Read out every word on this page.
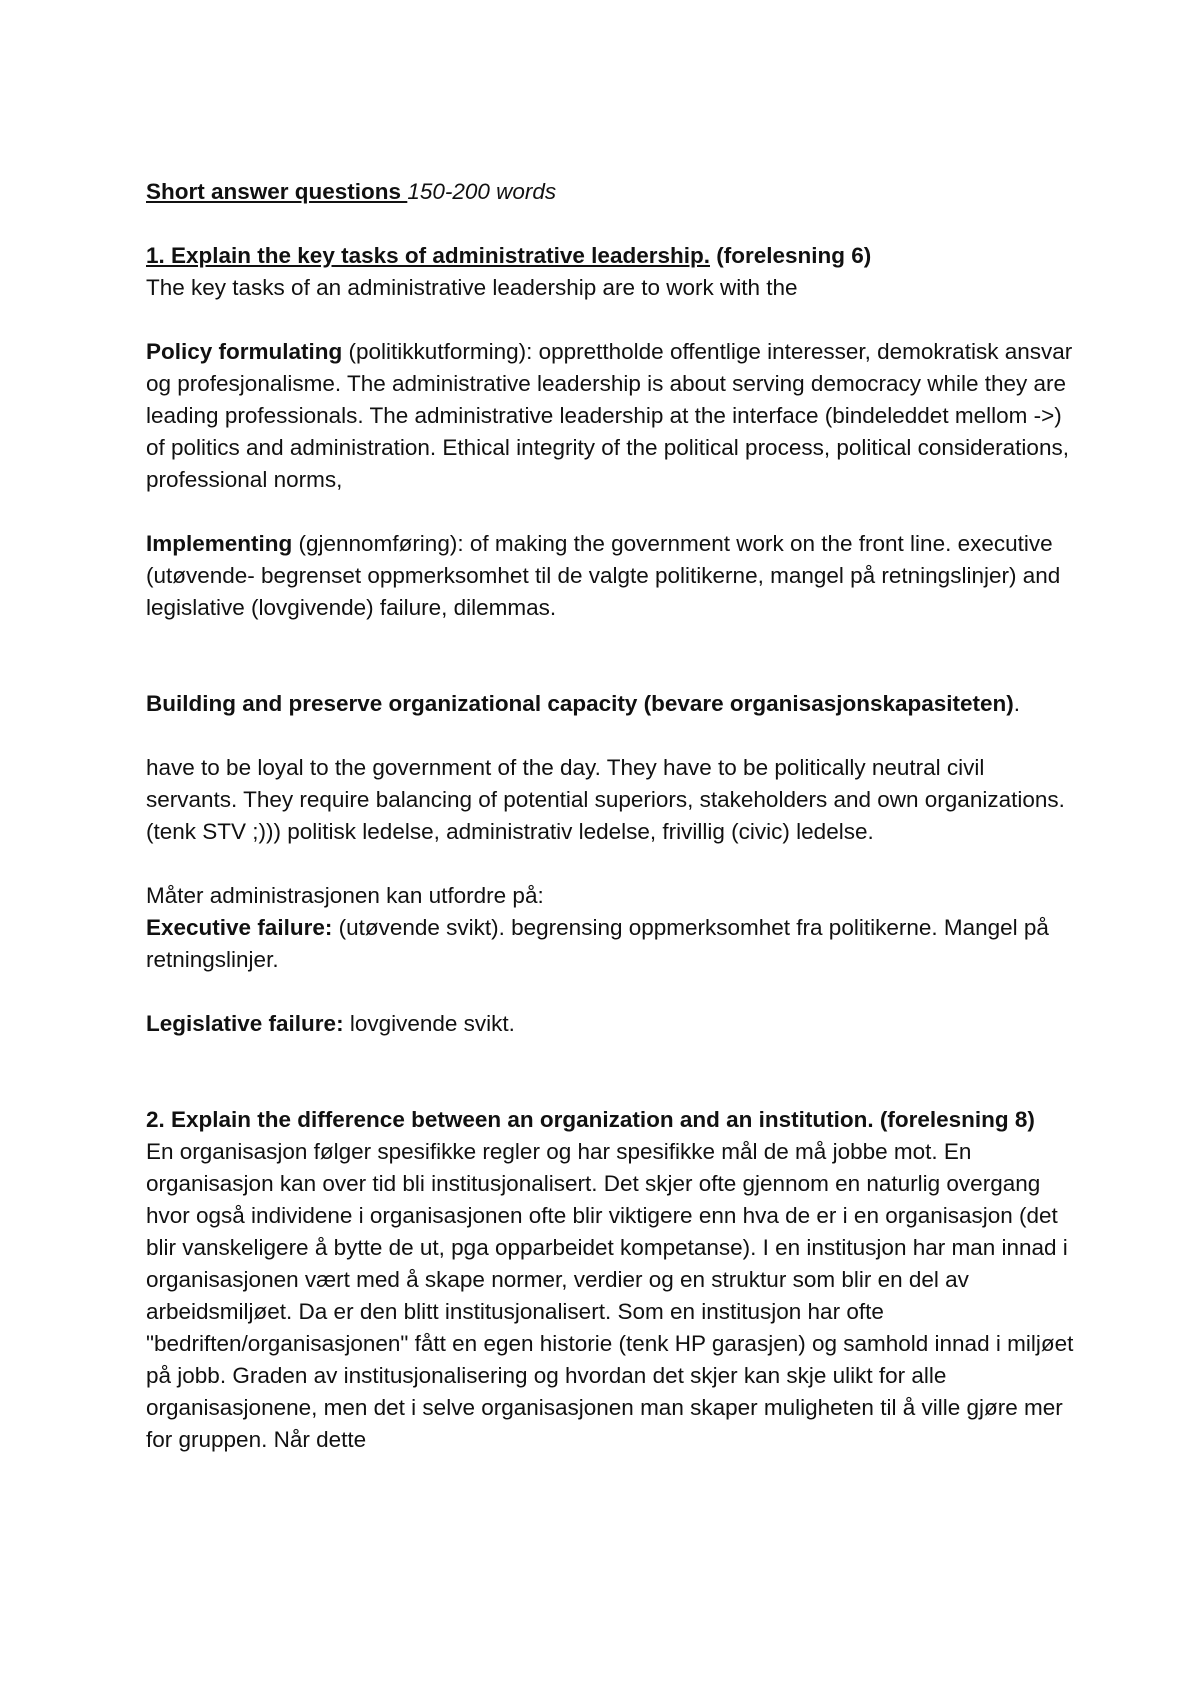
Short answer questions 150-200 words

1. Explain the key tasks of administrative leadership. (forelesning 6)

The key tasks of an administrative leadership are to work with the

Policy formulating (politikkutforming): opprettholde offentlige interesser, demokratisk ansvar og profesjonalisme. The administrative leadership is about serving democracy while they are leading professionals. The administrative leadership at the interface (bindeleddet mellom ->) of politics and administration. Ethical integrity of the political process, political considerations, professional norms,

Implementing (gjennomføring): of making the government work on the front line. executive (utøvende- begrenset oppmerksomhet til de valgte politikerne, mangel på retningslinjer) and legislative (lovgivende) failure, dilemmas.

Building and preserve organizational capacity (bevare organisasjonskapasiteten).

have to be loyal to the government of the day. They have to be politically neutral civil servants. They require balancing of potential superiors, stakeholders and own organizations. (tenk STV ;))) politisk ledelse, administrativ ledelse, frivillig (civic) ledelse.

Måter administrasjonen kan utfordre på:

Executive failure: (utøvende svikt). begrensing oppmerksomhet fra politikerne. Mangel på retningslinjer.

Legislative failure: lovgivende svikt.

2. Explain the difference between an organization and an institution. (forelesning 8)

En organisasjon følger spesifikke regler og har spesifikke mål de må jobbe mot. En organisasjon kan over tid bli institusjonalisert. Det skjer ofte gjennom en naturlig overgang hvor også individene i organisasjonen ofte blir viktigere enn hva de er i en organisasjon (det blir vanskeligere å bytte de ut, pga opparbeidet kompetanse). I en institusjon har man innad i organisasjonen vært med å skape normer, verdier og en struktur som blir en del av arbeidsmiljøet. Da er den blitt institusjonalisert. Som en institusjon har ofte "bedriften/organisasjonen" fått en egen historie (tenk HP garasjen) og samhold innad i miljøet på jobb. Graden av institusjonalisering og hvordan det skjer kan skje ulikt for alle organisasjonene, men det i selve organisasjonen man skaper muligheten til å ville gjøre mer for gruppen. Når dette
